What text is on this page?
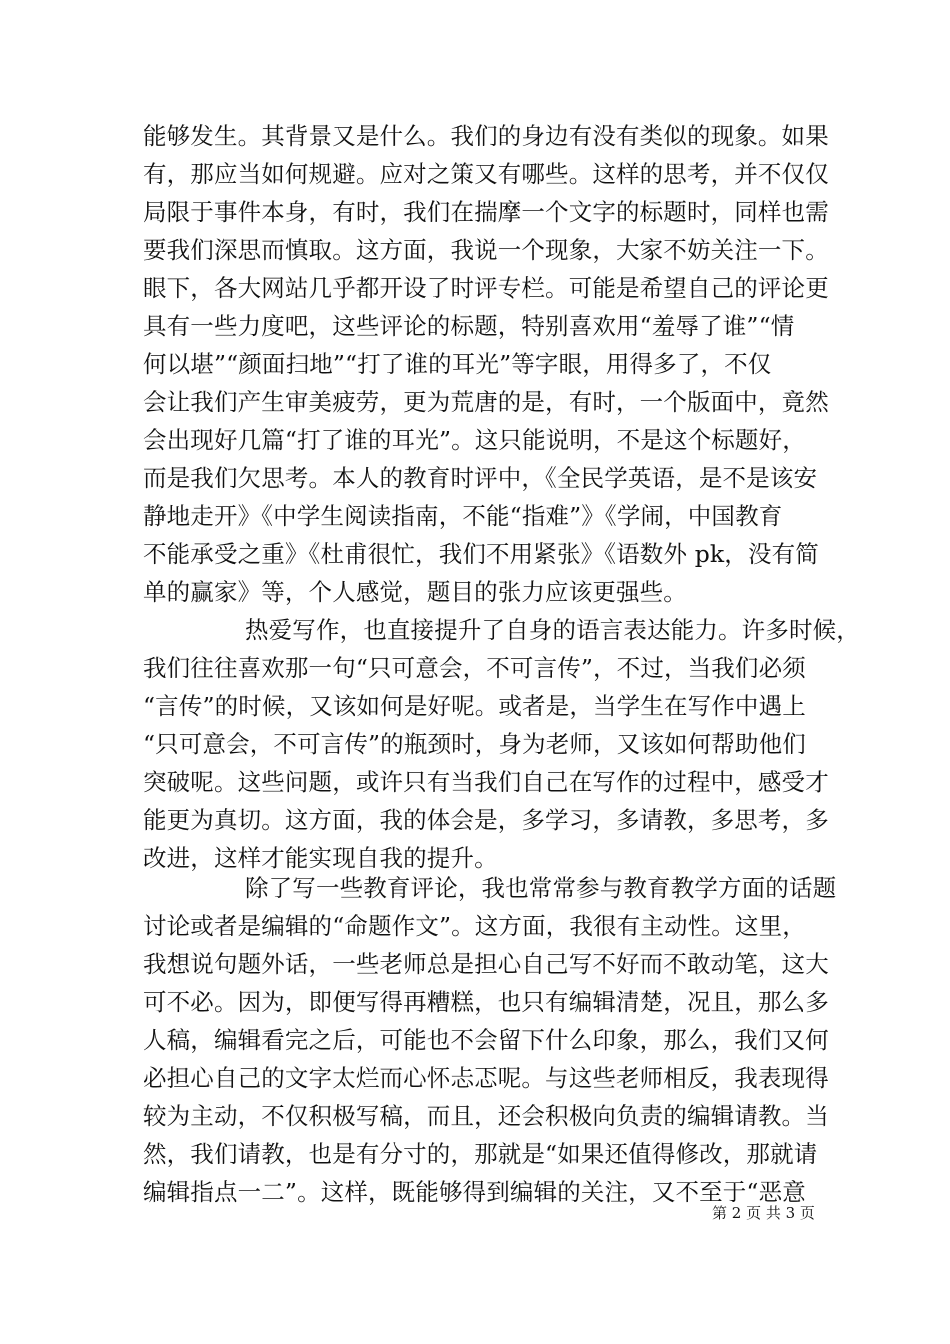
能够发生。其背景又是什么。我们的身边有没有类似的现象。如果
有，那应当如何规避。应对之策又有哪些。这样的思考，并不仅仅
局限于事件本身，有时，我们在揣摩一个文字的标题时，同样也需
要我们深思而慎取。这方面，我说一个现象，大家不妨关注一下。
眼下，各大网站几乎都开设了时评专栏。可能是希望自己的评论更
具有一些力度吧，这些评论的标题，特别喜欢用“羞辱了谁”“情
何以堪”“颜面扫地”“打了谁的耳光”等字眼，用得多了，不仅
会让我们产生审美疲劳，更为荒唐的是，有时，一个版面中，竟然
会出现好几篇“打了谁的耳光”。这只能说明，不是这个标题好，
而是我们欠思考。本人的教育时评中，《全民学英语，是不是该安
静地走开》《中学生阅读指南，不能“指难”》《学闹，中国教育
不能承受之重》《杜甫很忙，我们不用紧张》《语数外 pk，没有简
单的赢家》等，个人感觉，题目的张力应该更强些。
热爱写作，也直接提升了自身的语言表达能力。许多时候，
我们往往喜欢那一句“只可意会，不可言传”，不过，当我们必须
“言传”的时候，又该如何是好呢。或者是，当学生在写作中遇上
“只可意会，不可言传”的瓶颈时，身为老师，又该如何帮助他们
突破呢。这些问题，或许只有当我们自己在写作的过程中，感受才
能更为真切。这方面，我的体会是，多学习，多请教，多思考，多
改进，这样才能实现自我的提升。
除了写一些教育评论，我也常常参与教育教学方面的话题
讨论或者是编辑的“命题作文”。这方面，我很有主动性。这里，
我想说句题外话，一些老师总是担心自己写不好而不敢动笔，这大
可不必。因为，即便写得再糟糕，也只有编辑清楚，况且，那么多
人稿，编辑看完之后，可能也不会留下什么印象，那么，我们又何
必担心自己的文字太烂而心怀忐忑呢。与这些老师相反，我表现得
较为主动，不仅积极写稿，而且，还会积极向负责的编辑请教。当
然，我们请教，也是有分寸的，那就是“如果还值得修改，那就请
编辑指点一二”。这样，既能够得到编辑的关注，又不至于“恶意
第 2 页 共 3 页
